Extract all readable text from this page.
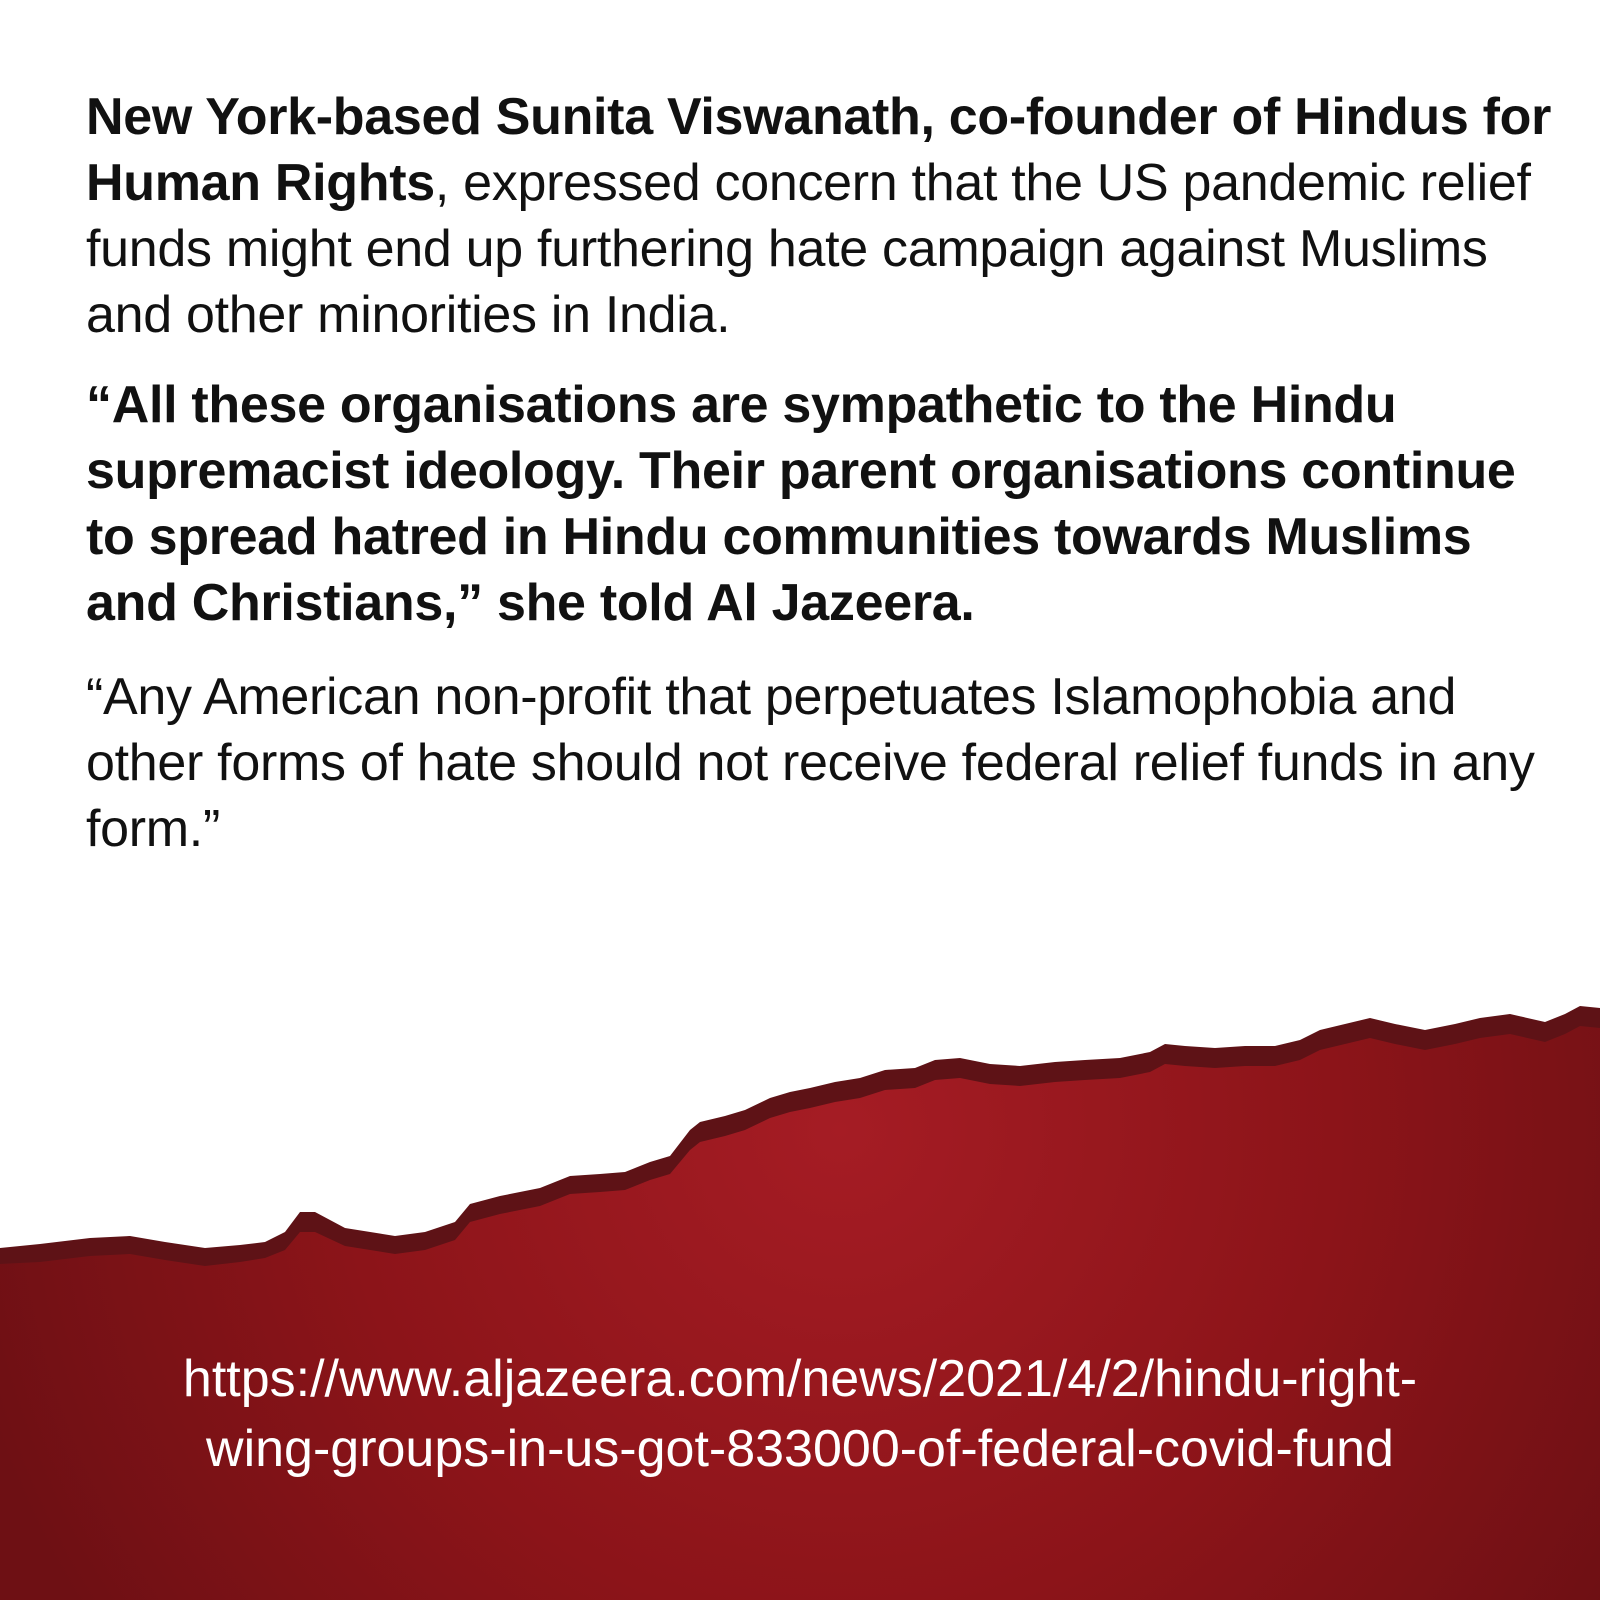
New York-based Sunita Viswanath, co-founder of Hindus for Human Rights, expressed concern that the US pandemic relief funds might end up furthering hate campaign against Muslims and other minorities in India.

“All these organisations are sympathetic to the Hindu supremacist ideology. Their parent organisations continue to spread hatred in Hindu communities towards Muslims and Christians,” she told Al Jazeera.

“Any American non-profit that perpetuates Islamophobia and other forms of hate should not receive federal relief funds in any form.”

https://www.aljazeera.com/news/2021/4/2/hindu-right-
wing-groups-in-us-got-833000-of-federal-covid-fund
